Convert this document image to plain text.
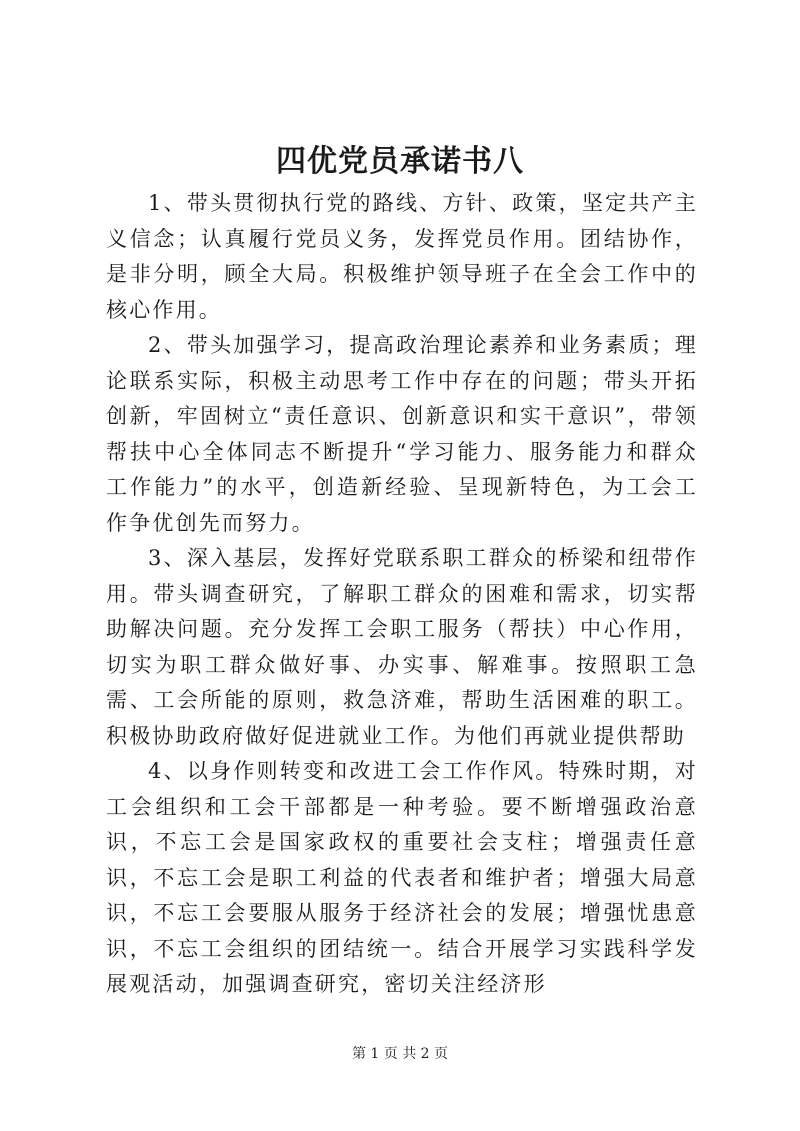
四优党员承诺书八

1、带头贯彻执行党的路线、方针、政策，坚定共产主义信念；认真履行党员义务，发挥党员作用。团结协作，是非分明，顾全大局。积极维护领导班子在全会工作中的核心作用。

2、带头加强学习，提高政治理论素养和业务素质；理论联系实际，积极主动思考工作中存在的问题；带头开拓创新，牢固树立“责任意识、创新意识和实干意识”，带领帮扶中心全体同志不断提升“学习能力、服务能力和群众工作能力”的水平，创造新经验、呈现新特色，为工会工作争优创先而努力。

3、深入基层，发挥好党联系职工群众的桥梁和纽带作用。带头调查研究，了解职工群众的困难和需求，切实帮助解决问题。充分发挥工会职工服务（帮扶）中心作用，切实为职工群众做好事、办实事、解难事。按照职工急需、工会所能的原则，救急济难，帮助生活困难的职工。积极协助政府做好促进就业工作。为他们再就业提供帮助

4、以身作则转变和改进工会工作作风。特殊时期，对工会组织和工会干部都是一种考验。要不断增强政治意识，不忘工会是国家政权的重要社会支柱；增强责任意识，不忘工会是职工利益的代表者和维护者；增强大局意识，不忘工会要服从服务于经济社会的发展；增强忧患意识，不忘工会组织的团结统一。结合开展学习实践科学发展观活动，加强调查研究，密切关注经济形

第 1 页 共 2 页
